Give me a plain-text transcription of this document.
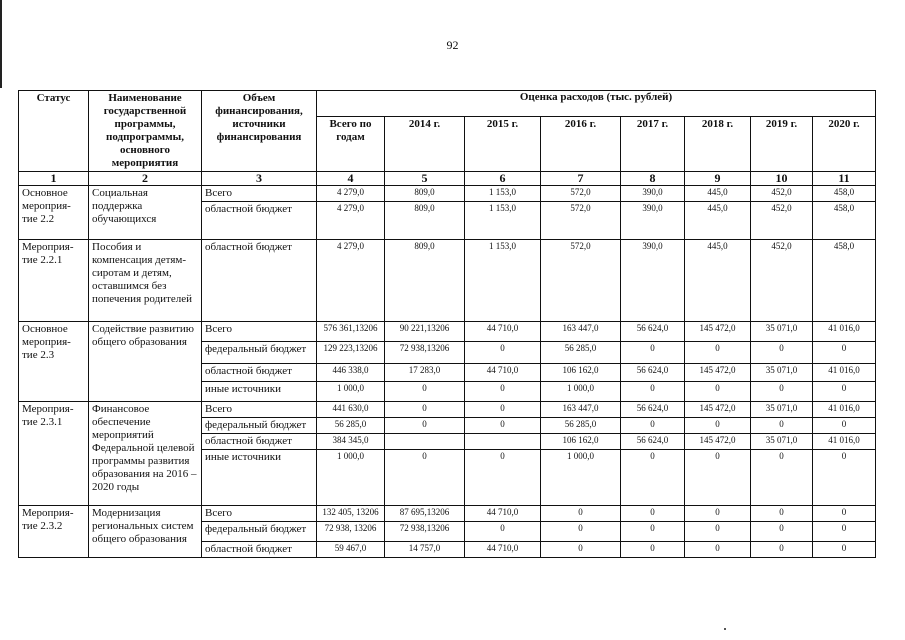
92
Статус	Наименование государственной программы, подпрограммы, основного мероприятия	Объем финансирования, источники финансирования	Оценка расходов (тыс. рублей)							
			Всего по годам	2014 г.	2015 г.	2016 г.	2017 г.	2018 г.	2019 г.	2020 г.
1	2	3	4	5	6	7	8	9	10	11
Основное мероприя-тие 2.2	Социальная поддержка обучающихся	Всего	4 279,0	809,0	1 153,0	572,0	390,0	445,0	452,0	458,0
		областной бюджет	4 279,0	809,0	1 153,0	572,0	390,0	445,0	452,0	458,0
Мероприя-тие 2.2.1	Пособия и компенсация детям-сиротам и детям, оставшимся без попечения родителей	областной бюджет	4 279,0	809,0	1 153,0	572,0	390,0	445,0	452,0	458,0
Основное мероприя-тие 2.3	Содействие развитию общего образования	Всего	576 361,13206	90 221,13206	44 710,0	163 447,0	56 624,0	145 472,0	35 071,0	41 016,0
		федеральный бюджет	129 223,13206	72 938,13206	0	56 285,0	0	0	0	0
		областной бюджет	446 338,0	17 283,0	44 710,0	106 162,0	56 624,0	145 472,0	35 071,0	41 016,0
		иные источники	1 000,0	0	0	1 000,0	0	0	0	0
Мероприя-тие 2.3.1	Финансовое обеспечение мероприятий Федеральной целевой программы развития образования на 2016 – 2020 годы	Всего	441 630,0	0	0	163 447,0	56 624,0	145 472,0	35 071,0	41 016,0
		федеральный бюджет	56 285,0	0	0	56 285,0	0	0	0	0
		областной бюджет	384 345,0			106 162,0	56 624,0	145 472,0	35 071,0	41 016,0
		иные источники	1 000,0	0	0	1 000,0	0	0	0	0
Мероприя-тие 2.3.2	Модернизация региональных систем общего образования	Всего	132 405, 13206	87 695,13206	44 710,0	0	0	0	0	0
		федеральный бюджет	72 938, 13206	72 938,13206	0	0	0	0	0	0
		областной бюджет	59 467,0	14 757,0	44 710,0	0	0	0	0	0
